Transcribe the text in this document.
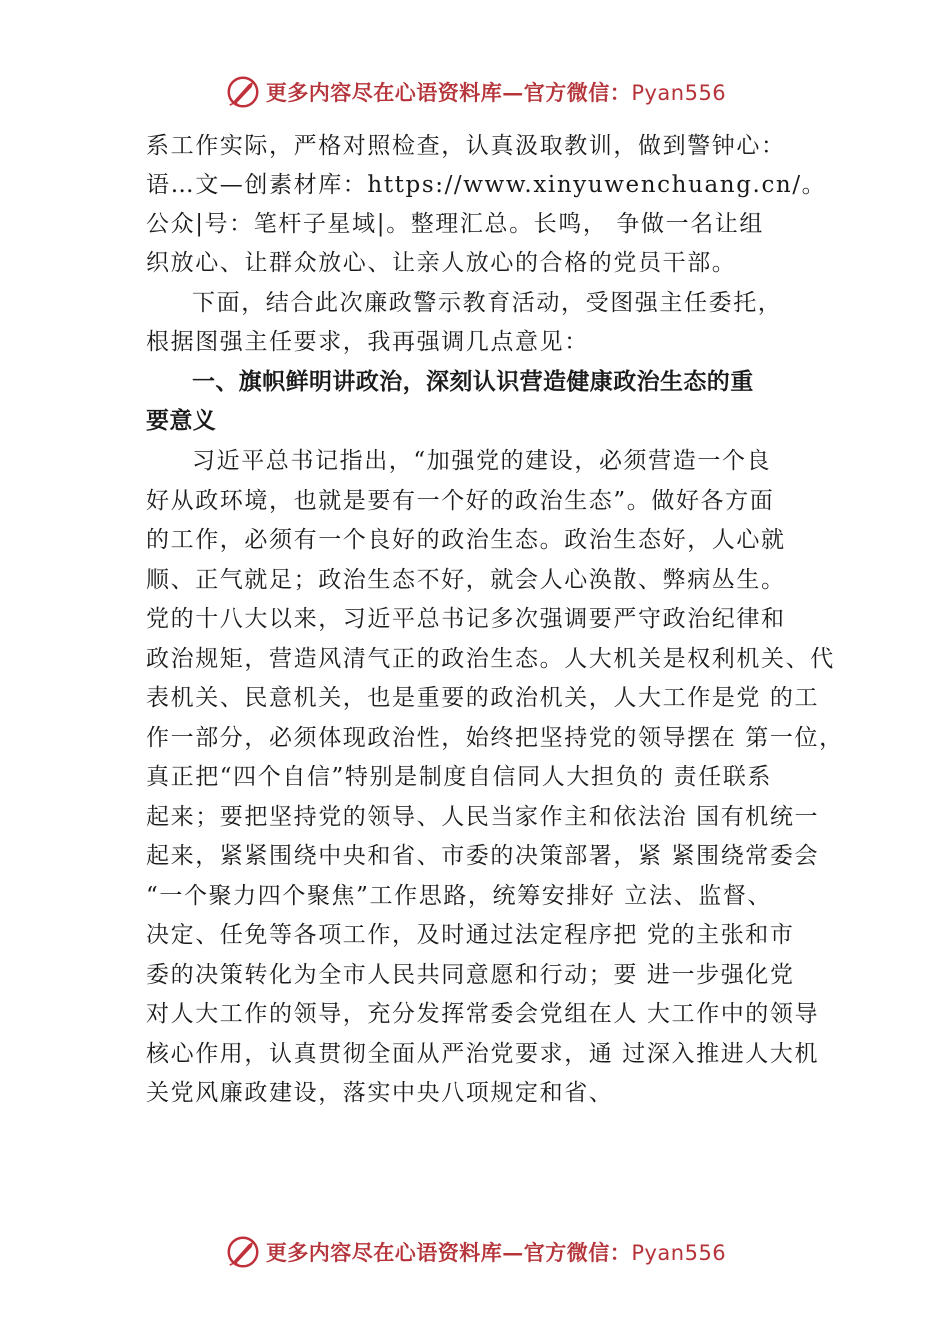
更多内容尽在心语资料库—官方微信：Pyan556
系工作实际，严格对照检查，认真汲取教训，做到警钟心：
语…文—创素材库：https://www.xinyuwenchuang.cn/。
公众|号：笔杆子星域|。整理汇总。长鸣， 争做一名让组
织放心、让群众放心、让亲人放心的合格的党员干部。
下面，结合此次廉政警示教育活动，受图强主任委托，
根据图强主任要求，我再强调几点意见：
一、旗帜鲜明讲政治，深刻认识营造健康政治生态的重
要意义
习近平总书记指出，“加强党的建设，必须营造一个良
好从政环境，也就是要有一个好的政治生态”。做好各方面
的工作，必须有一个良好的政治生态。政治生态好，人心就
顺、正气就足；政治生态不好，就会人心涣散、弊病丛生。
党的十八大以来，习近平总书记多次强调要严守政治纪律和
政治规矩，营造风清气正的政治生态。人大机关是权利机关、代
表机关、民意机关，也是重要的政治机关，人大工作是党 的工
作一部分，必须体现政治性，始终把坚持党的领导摆在 第一位，
真正把“四个自信”特别是制度自信同人大担负的 责任联系
起来；要把坚持党的领导、人民当家作主和依法治 国有机统一
起来，紧紧围绕中央和省、市委的决策部署，紧 紧围绕常委会
“一个聚力四个聚焦”工作思路，统筹安排好 立法、监督、
决定、任免等各项工作，及时通过法定程序把 党的主张和市
委的决策转化为全市人民共同意愿和行动；要 进一步强化党
对人大工作的领导，充分发挥常委会党组在人 大工作中的领导
核心作用，认真贯彻全面从严治党要求，通 过深入推进人大机
关党风廉政建设，落实中央八项规定和省、
更多内容尽在心语资料库—官方微信：Pyan556
